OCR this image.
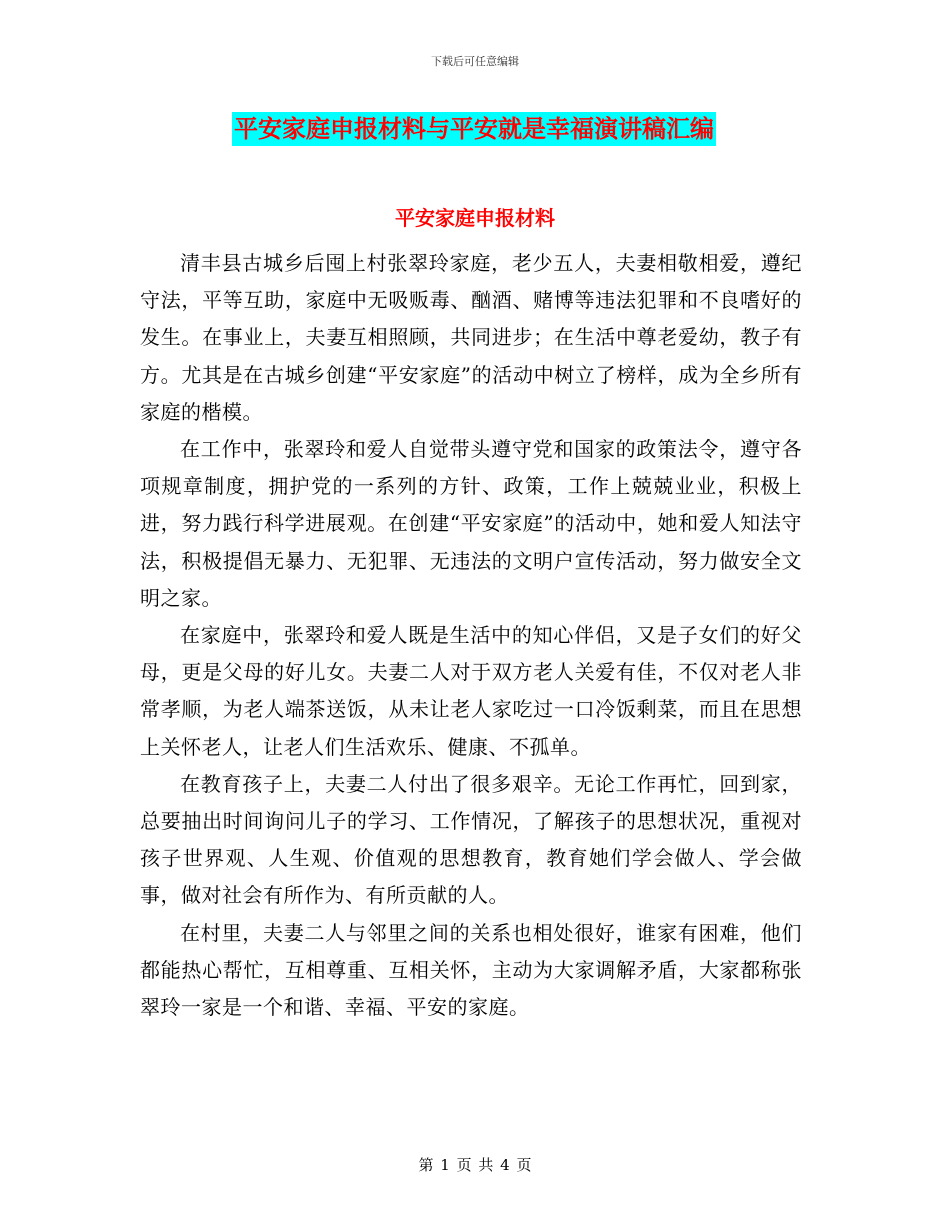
下载后可任意编辑
平安家庭申报材料与平安就是幸福演讲稿汇编
平安家庭申报材料

清丰县古城乡后囤上村张翠玲家庭，老少五人，夫妻相敬相爱，遵纪守法，平等互助，家庭中无吸贩毒、酗酒、赌博等违法犯罪和不良嗜好的发生。在事业上，夫妻互相照顾，共同进步；在生活中尊老爱幼，教子有方。尤其是在古城乡创建“平安家庭”的活动中树立了榜样，成为全乡所有家庭的楷模。

在工作中，张翠玲和爱人自觉带头遵守党和国家的政策法令，遵守各项规章制度，拥护党的一系列的方针、政策，工作上兢兢业业，积极上进，努力践行科学进展观。在创建“平安家庭”的活动中，她和爱人知法守法，积极提倡无暴力、无犯罪、无违法的文明户宣传活动，努力做安全文明之家。

在家庭中，张翠玲和爱人既是生活中的知心伴侣，又是子女们的好父母，更是父母的好儿女。夫妻二人对于双方老人关爱有佳，不仅对老人非常孝顺，为老人端茶送饭，从未让老人家吃过一口冷饭剩菜，而且在思想上关怀老人，让老人们生活欢乐、健康、不孤单。

在教育孩子上，夫妻二人付出了很多艰辛。无论工作再忙，回到家，总要抽出时间询问儿子的学习、工作情况，了解孩子的思想状况，重视对孩子世界观、人生观、价值观的思想教育，教育她们学会做人、学会做事，做对社会有所作为、有所贡献的人。

在村里，夫妻二人与邻里之间的关系也相处很好，谁家有困难，他们都能热心帮忙，互相尊重、互相关怀，主动为大家调解矛盾，大家都称张翠玲一家是一个和谐、幸福、平安的家庭。

第 1 页 共 4 页
